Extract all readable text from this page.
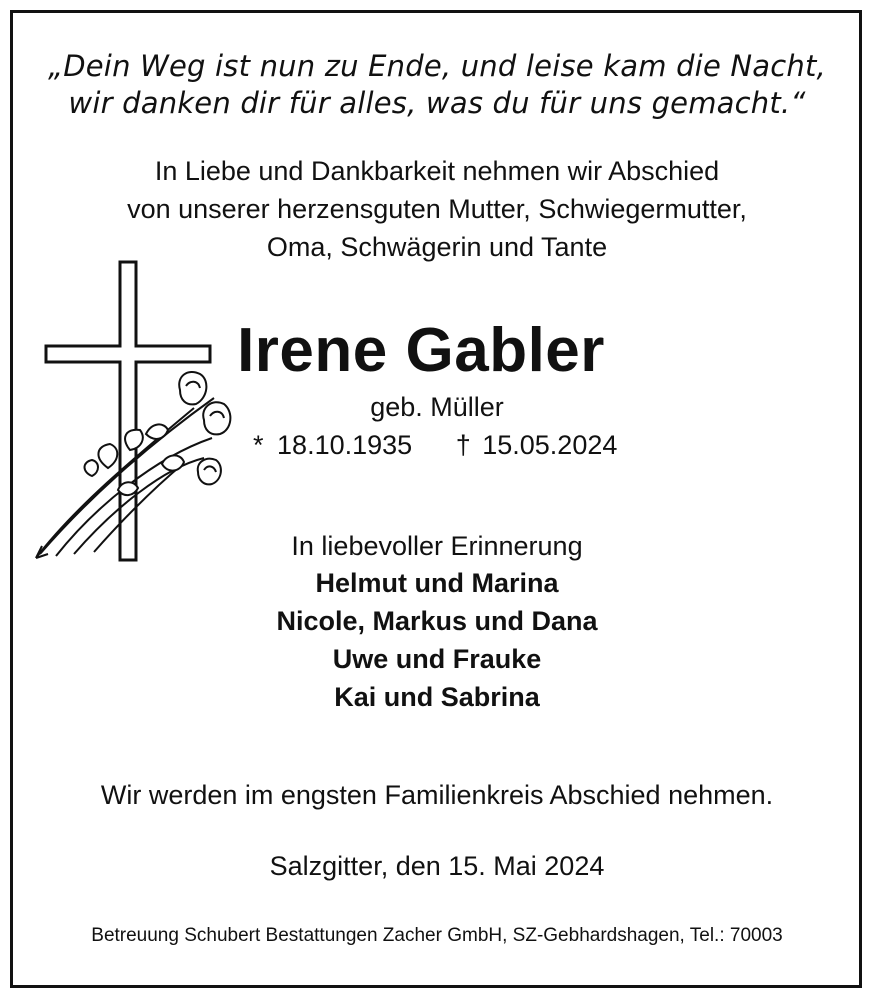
„Dein Weg ist nun zu Ende, und leise kam die Nacht,
wir danken dir für alles, was du für uns gemacht.“
In Liebe und Dankbarkeit nehmen wir Abschied
von unserer herzensguten Mutter, Schwiegermutter,
Oma, Schwägerin und Tante
Irene Gabler
geb. Müller
* 18.10.1935 † 15.05.2024
In liebevoller Erinnerung
Helmut und Marina
Nicole, Markus und Dana
Uwe und Frauke
Kai und Sabrina
Wir werden im engsten Familienkreis Abschied nehmen.
Salzgitter, den 15. Mai 2024
Betreuung Schubert Bestattungen Zacher GmbH, SZ-Gebhardshagen, Tel.: 70003
